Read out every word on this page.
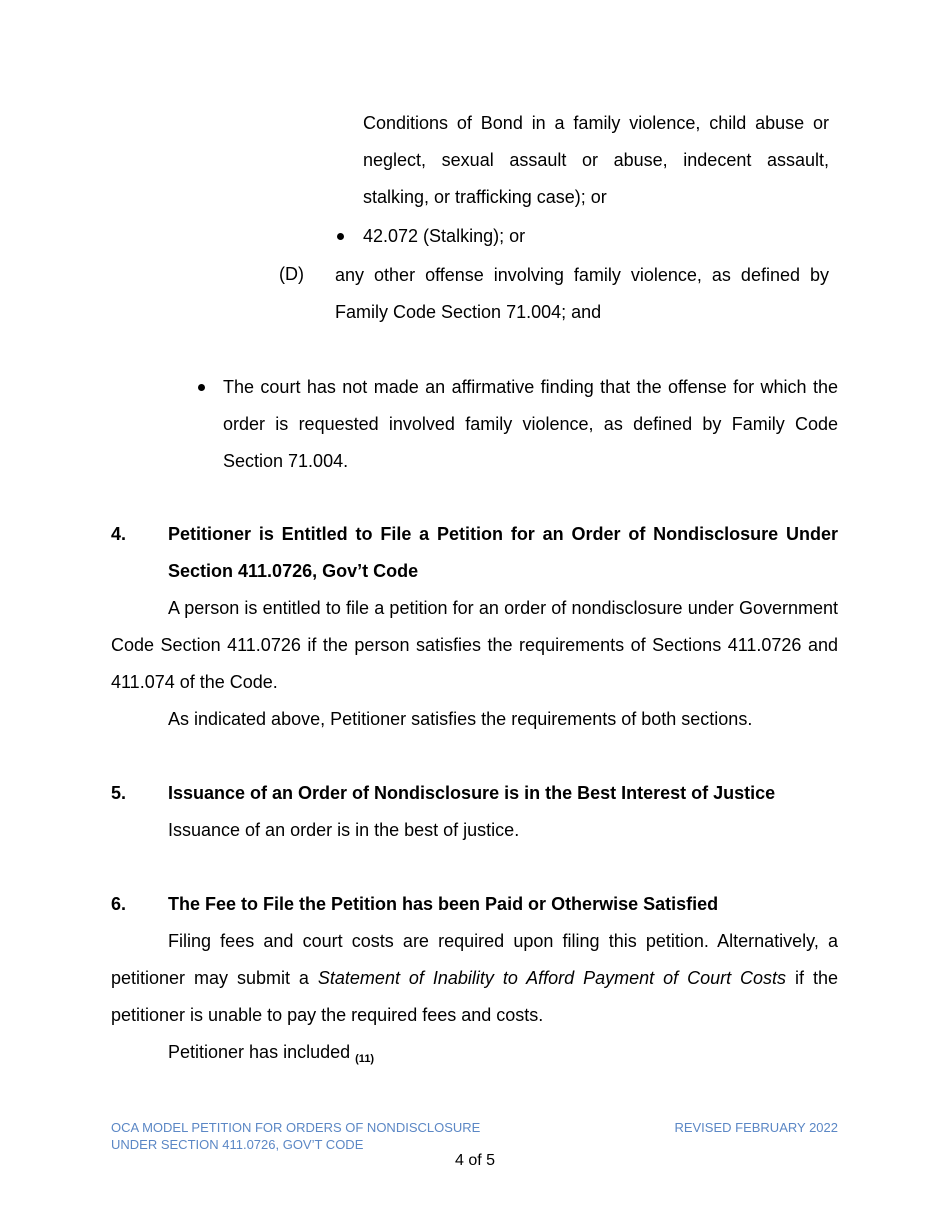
Conditions of Bond in a family violence, child abuse or neglect, sexual assault or abuse, indecent assault, stalking, or trafficking case); or
42.072 (Stalking); or
(D) any other offense involving family violence, as defined by Family Code Section 71.004; and
The court has not made an affirmative finding that the offense for which the order is requested involved family violence, as defined by Family Code Section 71.004.
4. Petitioner is Entitled to File a Petition for an Order of Nondisclosure Under Section 411.0726, Gov’t Code
A person is entitled to file a petition for an order of nondisclosure under Government Code Section 411.0726 if the person satisfies the requirements of Sections 411.0726 and 411.074 of the Code.
As indicated above, Petitioner satisfies the requirements of both sections.
5. Issuance of an Order of Nondisclosure is in the Best Interest of Justice
Issuance of an order is in the best of justice.
6. The Fee to File the Petition has been Paid or Otherwise Satisfied
Filing fees and court costs are required upon filing this petition. Alternatively, a petitioner may submit a Statement of Inability to Afford Payment of Court Costs if the petitioner is unable to pay the required fees and costs.
Petitioner has included $_{(11)}$
OCA MODEL PETITION FOR ORDERS OF NONDISCLOSURE
UNDER SECTION 411.0726, GOV’T CODE
REVISED FEBRUARY 2022
4 of 5
